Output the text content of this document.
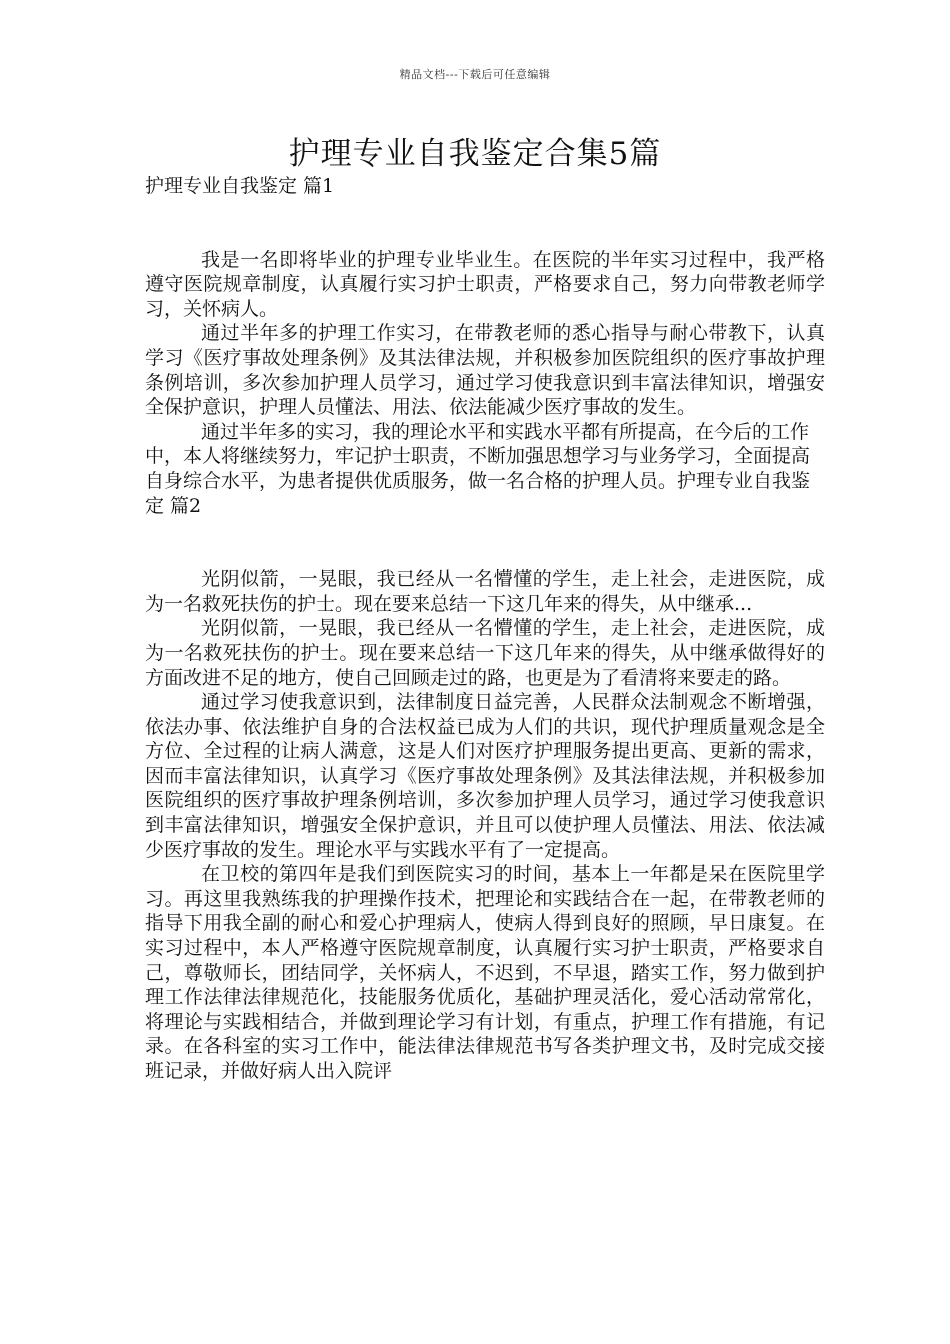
精品文档---下载后可任意编辑
护理专业自我鉴定合集5篇
护理专业自我鉴定 篇1

我是一名即将毕业的护理专业毕业生。在医院的半年实习过程中，我严格遵守医院规章制度，认真履行实习护士职责，严格要求自己，努力向带教老师学习，关怀病人。

通过半年多的护理工作实习，在带教老师的悉心指导与耐心带教下，认真学习《医疗事故处理条例》及其法律法规，并积极参加医院组织的医疗事故护理条例培训，多次参加护理人员学习，通过学习使我意识到丰富法律知识，增强安全保护意识，护理人员懂法、用法、依法能减少医疗事故的发生。

通过半年多的实习，我的理论水平和实践水平都有所提高，在今后的工作中，本人将继续努力，牢记护士职责，不断加强思想学习与业务学习，全面提高自身综合水平，为患者提供优质服务，做一名合格的护理人员。护理专业自我鉴定 篇2

光阴似箭，一晃眼，我已经从一名懵懂的学生，走上社会，走进医院，成为一名救死扶伤的护士。现在要来总结一下这几年来的得失，从中继承...

光阴似箭，一晃眼，我已经从一名懵懂的学生，走上社会，走进医院，成为一名救死扶伤的护士。现在要来总结一下这几年来的得失，从中继承做得好的方面改进不足的地方，使自己回顾走过的路，也更是为了看清将来要走的路。

通过学习使我意识到，法律制度日益完善，人民群众法制观念不断增强，依法办事、依法维护自身的合法权益已成为人们的共识，现代护理质量观念是全方位、全过程的让病人满意，这是人们对医疗护理服务提出更高、更新的需求，因而丰富法律知识，认真学习《医疗事故处理条例》及其法律法规，并积极参加医院组织的医疗事故护理条例培训，多次参加护理人员学习，通过学习使我意识到丰富法律知识，增强安全保护意识，并且可以使护理人员懂法、用法、依法减少医疗事故的发生。理论水平与实践水平有了一定提高。

在卫校的第四年是我们到医院实习的时间，基本上一年都是呆在医院里学习。再这里我熟练我的护理操作技术，把理论和实践结合在一起，在带教老师的指导下用我全副的耐心和爱心护理病人，使病人得到良好的照顾，早日康复。在实习过程中，本人严格遵守医院规章制度，认真履行实习护士职责，严格要求自己，尊敬师长，团结同学，关怀病人，不迟到，不早退，踏实工作，努力做到护理工作法律法律规范化，技能服务优质化，基础护理灵活化，爱心活动常常化，将理论与实践相结合，并做到理论学习有计划，有重点，护理工作有措施，有记录。在各科室的实习工作中，能法律法律规范书写各类护理文书，及时完成交接班记录，并做好病人出入院评
